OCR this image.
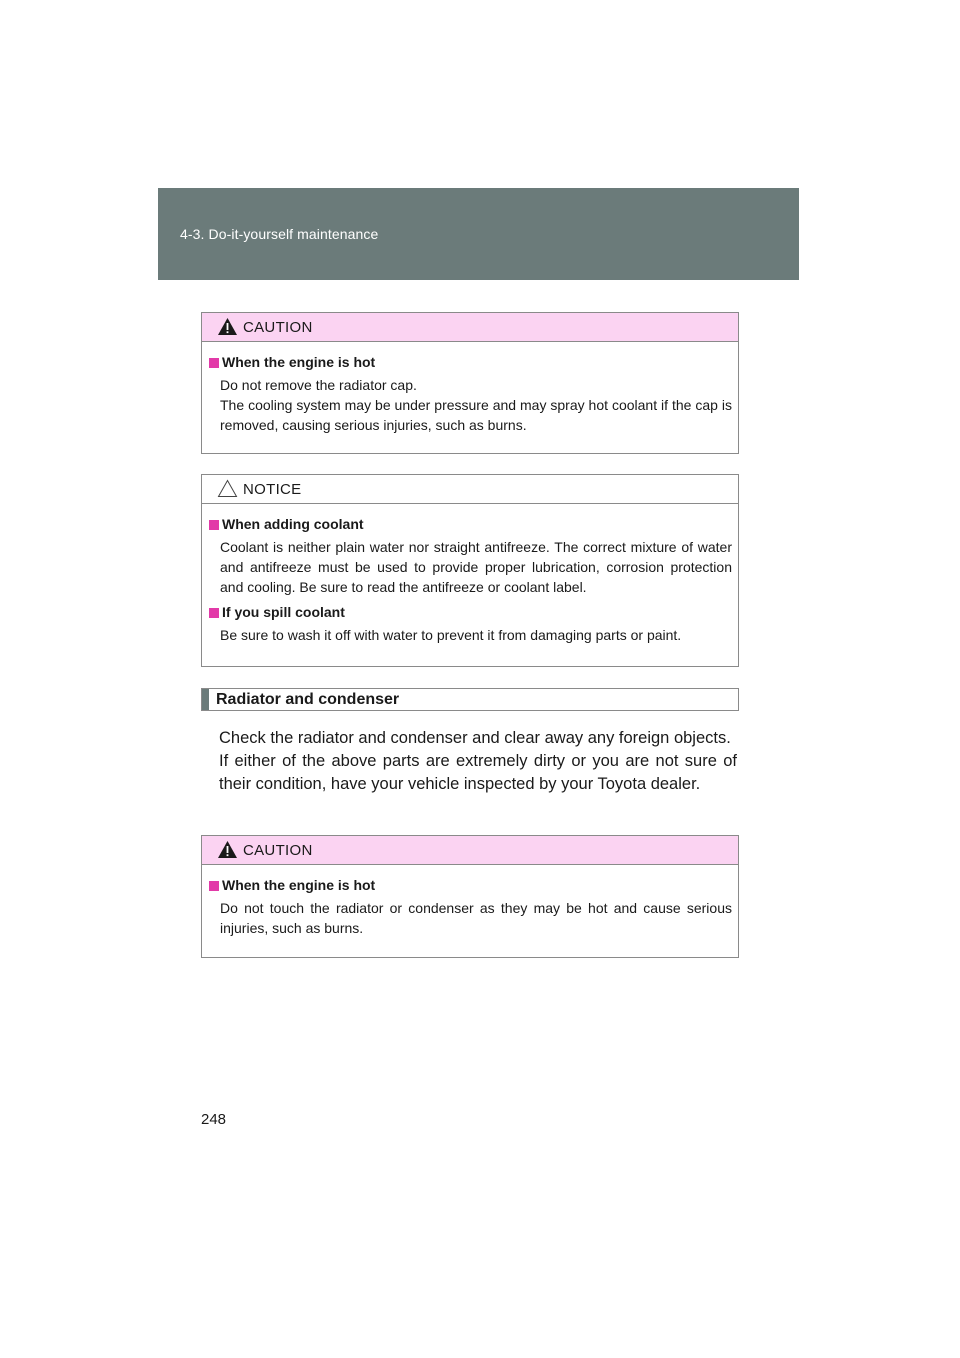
4-3. Do-it-yourself maintenance
CAUTION
When the engine is hot

Do not remove the radiator cap.

The cooling system may be under pressure and may spray hot coolant if the cap is removed, causing serious injuries, such as burns.

NOTICE
When adding coolant

Coolant is neither plain water nor straight antifreeze. The correct mixture of water and antifreeze must be used to provide proper lubrication, corrosion protection and cooling. Be sure to read the antifreeze or coolant label.

If you spill coolant

Be sure to wash it off with water to prevent it from damaging parts or paint.

Radiator and condenser

Check the radiator and condenser and clear away any foreign objects.

If either of the above parts are extremely dirty or you are not sure of their condition, have your vehicle inspected by your Toyota dealer.

CAUTION
When the engine is hot

Do not touch the radiator or condenser as they may be hot and cause serious injuries, such as burns.

248
